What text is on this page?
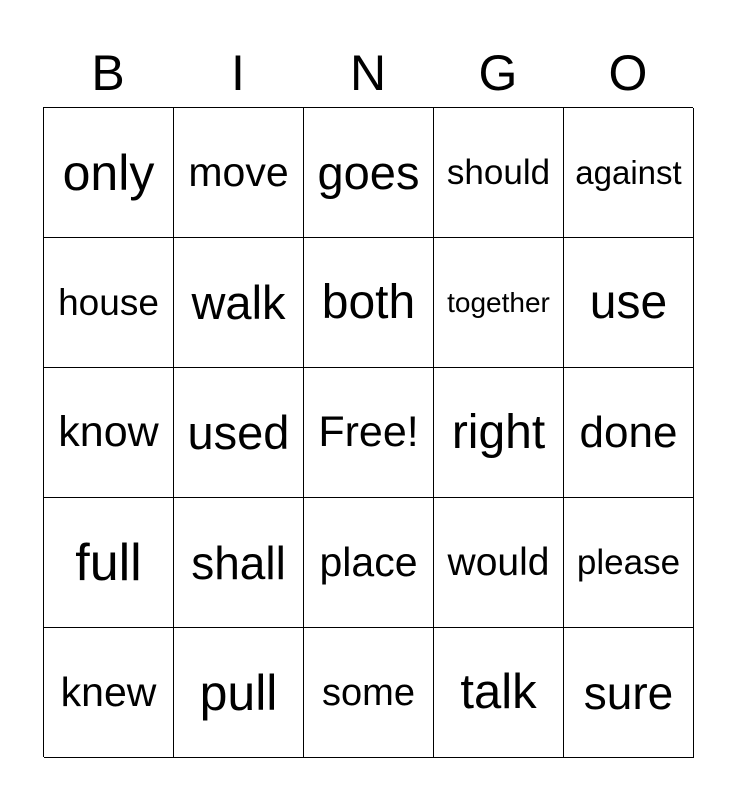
B	I	N	G	O
only move goes should against
house walk both	together use
know used Free! right done
full	shall place would please
knew pull	some talk	sure
